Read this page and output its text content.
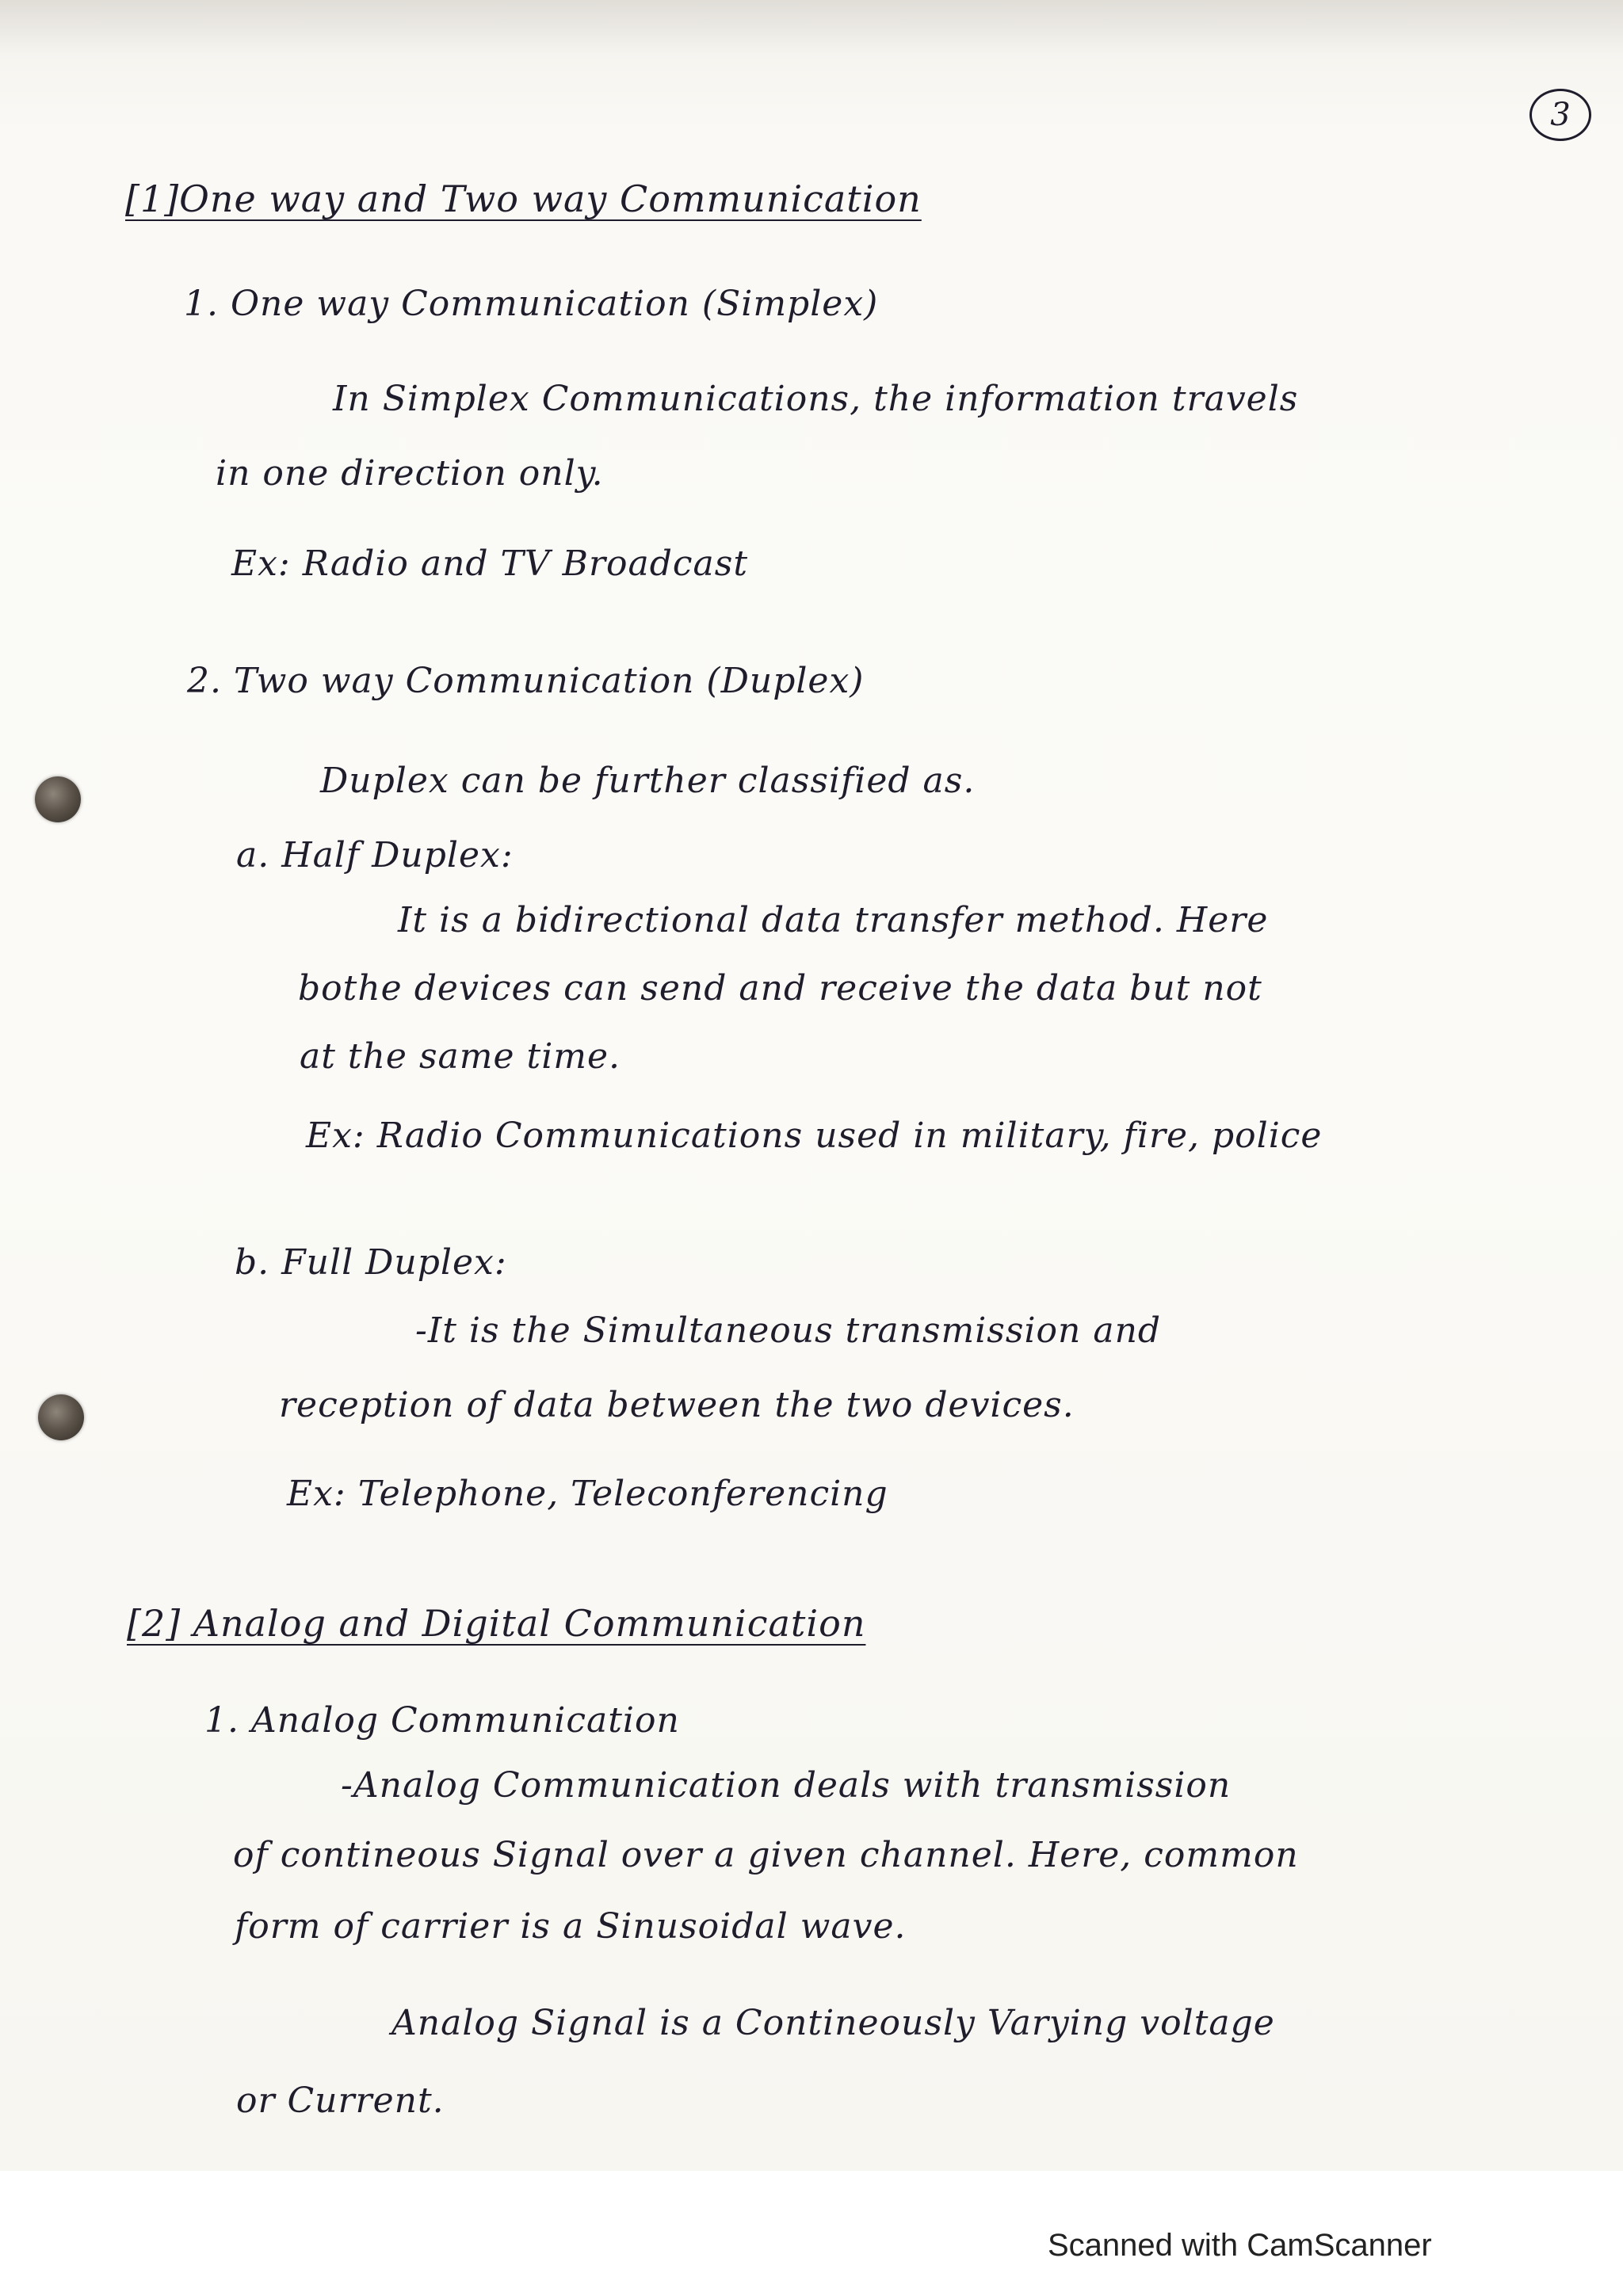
3
[1]One way and Two way Communication
1. One way Communication (Simplex)
In Simplex Communications, the information travels
in one direction only.
Ex: Radio and TV Broadcast
2. Two way Communication (Duplex)
Duplex can be further classified as.
a. Half Duplex:
It is a bidirectional data transfer method. Here
bothe devices can send and receive the data but not
at the same time.
Ex: Radio Communications used in military, fire, police
b. Full Duplex:
-It is the Simultaneous transmission and
reception of data between the two devices.
Ex: Telephone, Teleconferencing
[2] Analog and Digital Communication
1. Analog Communication
-Analog Communication deals with transmission
of contineous Signal over a given channel. Here, common
form of carrier is a Sinusoidal wave.
Analog Signal is a Contineously Varying voltage
or Current.
Scanned with CamScanner
